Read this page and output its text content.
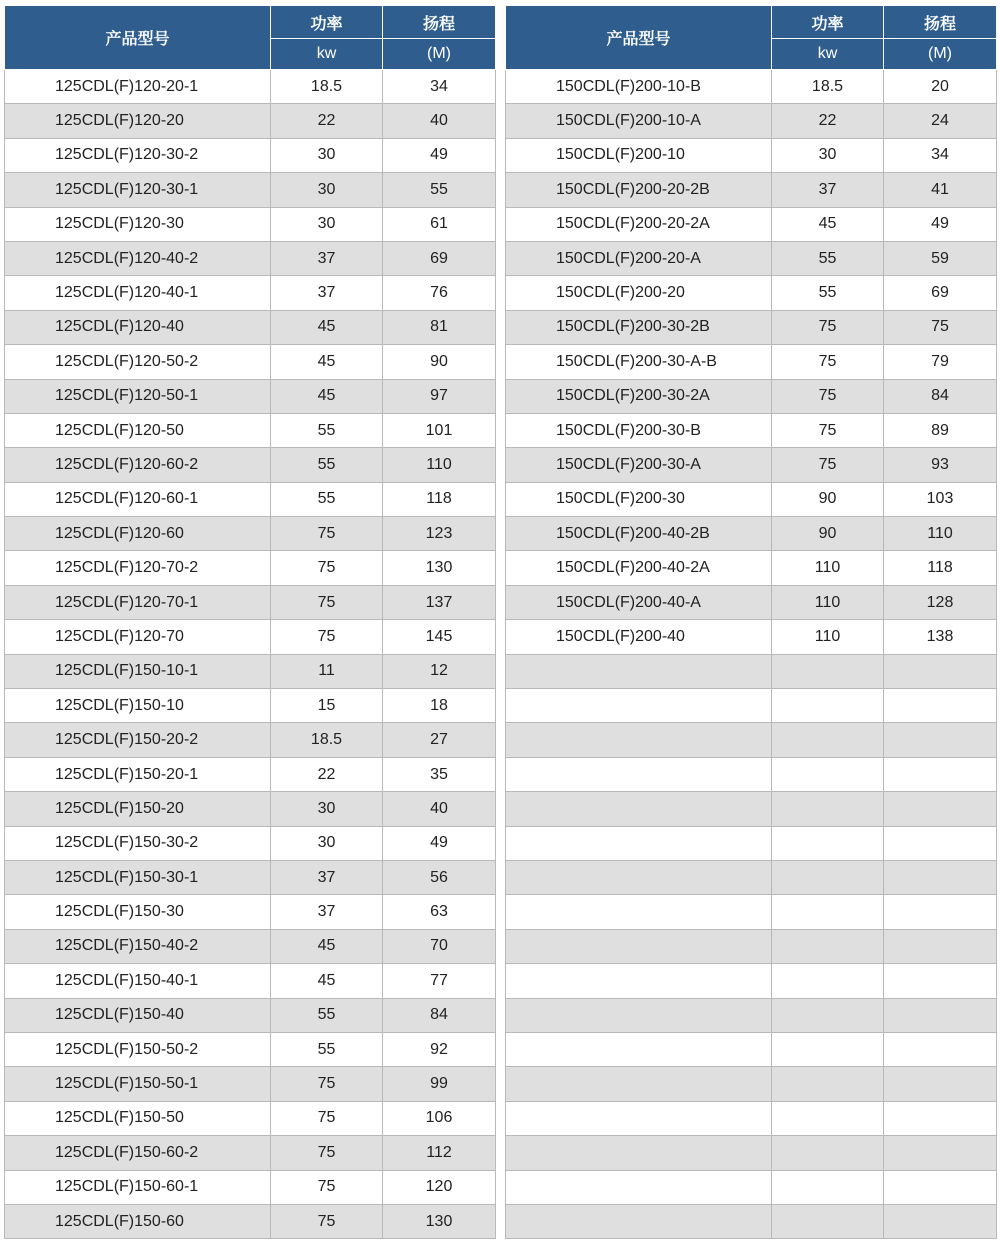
产品型号	功率	扬程
	kw	(M)
125CDL(F)120-20-1	18.5	34
125CDL(F)120-20	22	40
125CDL(F)120-30-2	30	49
125CDL(F)120-30-1	30	55
125CDL(F)120-30	30	61
125CDL(F)120-40-2	37	69
125CDL(F)120-40-1	37	76
125CDL(F)120-40	45	81
125CDL(F)120-50-2	45	90
125CDL(F)120-50-1	45	97
125CDL(F)120-50	55	101
125CDL(F)120-60-2	55	110
125CDL(F)120-60-1	55	118
125CDL(F)120-60	75	123
125CDL(F)120-70-2	75	130
125CDL(F)120-70-1	75	137
125CDL(F)120-70	75	145
125CDL(F)150-10-1	11	12
125CDL(F)150-10	15	18
125CDL(F)150-20-2	18.5	27
125CDL(F)150-20-1	22	35
125CDL(F)150-20	30	40
125CDL(F)150-30-2	30	49
125CDL(F)150-30-1	37	56
125CDL(F)150-30	37	63
125CDL(F)150-40-2	45	70
125CDL(F)150-40-1	45	77
125CDL(F)150-40	55	84
125CDL(F)150-50-2	55	92
125CDL(F)150-50-1	75	99
125CDL(F)150-50	75	106
125CDL(F)150-60-2	75	112
125CDL(F)150-60-1	75	120
125CDL(F)150-60	75	130
产品型号	功率	扬程
	kw	(M)
150CDL(F)200-10-B	18.5	20
150CDL(F)200-10-A	22	24
150CDL(F)200-10	30	34
150CDL(F)200-20-2B	37	41
150CDL(F)200-20-2A	45	49
150CDL(F)200-20-A	55	59
150CDL(F)200-20	55	69
150CDL(F)200-30-2B	75	75
150CDL(F)200-30-A-B	75	79
150CDL(F)200-30-2A	75	84
150CDL(F)200-30-B	75	89
150CDL(F)200-30-A	75	93
150CDL(F)200-30	90	103
150CDL(F)200-40-2B	90	110
150CDL(F)200-40-2A	110	118
150CDL(F)200-40-A	110	128
150CDL(F)200-40	110	138
